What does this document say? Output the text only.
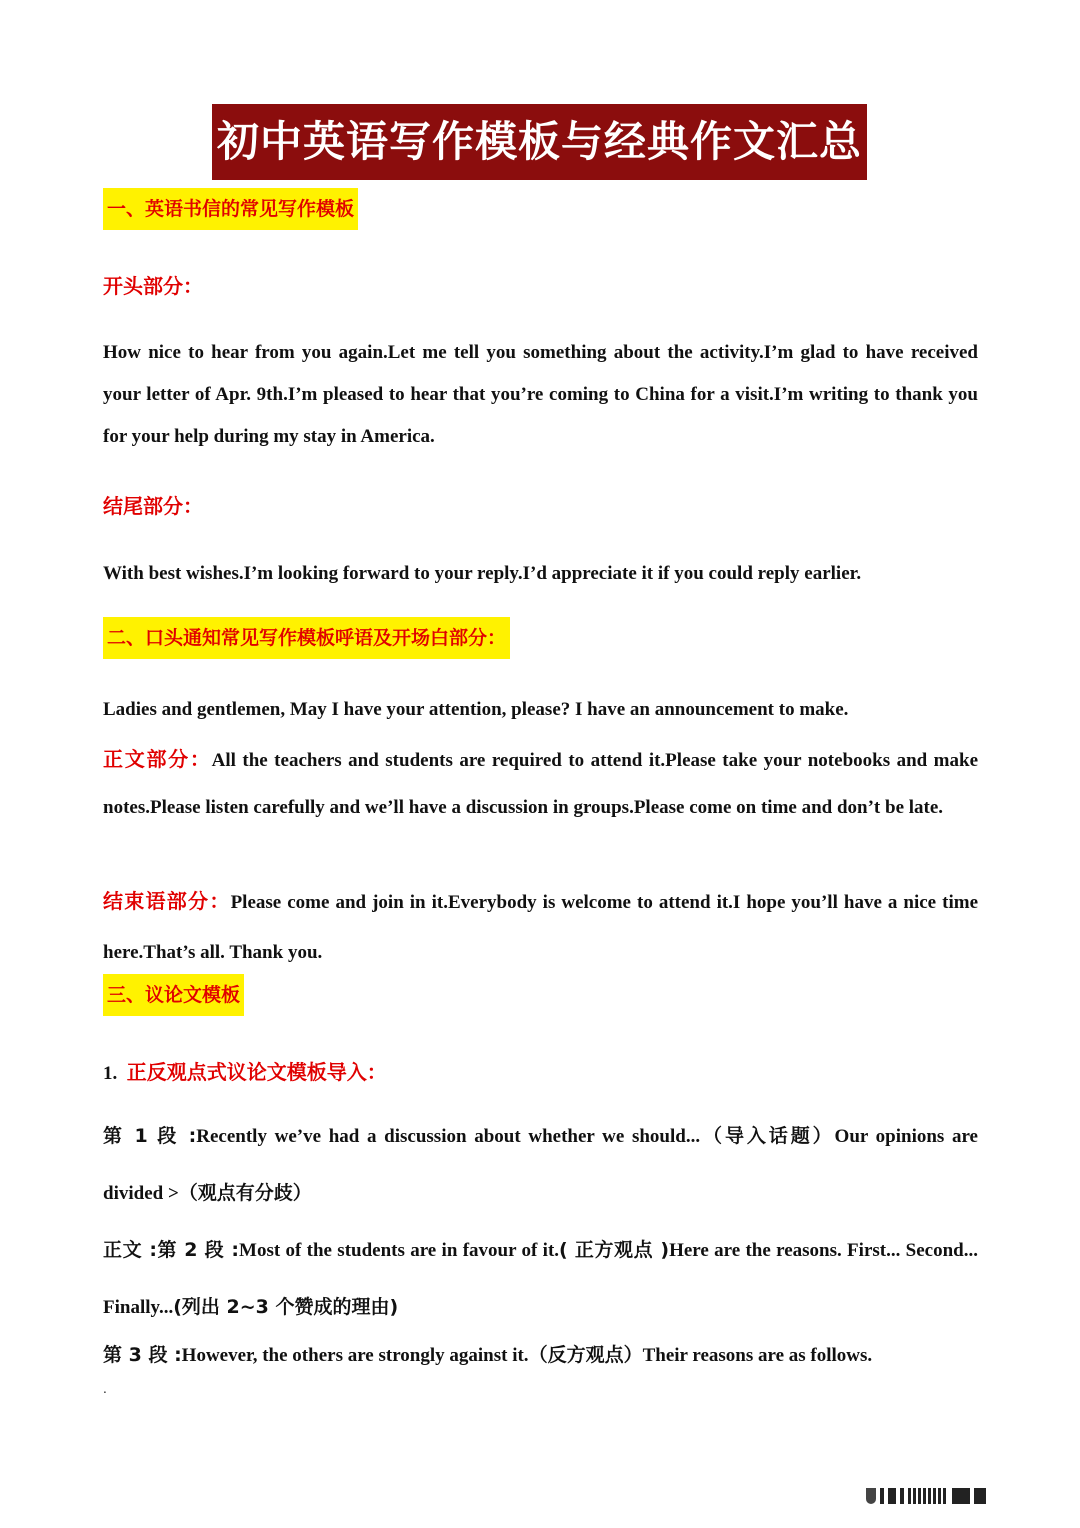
初中英语写作模板与经典作文汇总
一、英语书信的常见写作模板
开头部分：
How nice to hear from you again.Let me tell you something about the activity.I’m glad to have received your letter of Apr. 9th.I’m pleased to hear that you’re coming to China for a visit.I’m writing to thank you for your help during my stay in America.
结尾部分：
With best wishes.I’m looking forward to your reply.I’d appreciate it if you could reply earlier.
二、口头通知常见写作模板呼语及开场白部分：
Ladies and gentlemen, May I have your attention, please? I have an announcement to make.
正文部分：All the teachers and students are required to attend it.Please take your notebooks and make notes.Please listen carefully and we’ll have a discussion in groups.Please come on time and don’t be late.
结束语部分：Please come and join in it.Everybody is welcome to attend it.I hope you’ll have a nice time here.That’s all. Thank you.
三、议论文模板
1. 正反观点式议论文模板导入：
第 1 段 :Recently we’ve had a discussion about whether we should...（导入话题）Our opinions are divided >（观点有分歧）
正文 :第 2 段 :Most of the students are in favour of it.( 正方观点 )Here are the reasons. First... Second... Finally...(列出 2~3 个赞成的理由)
第 3 段 :However, the others are strongly against it.（反方观点）Their reasons are as follows.
.
